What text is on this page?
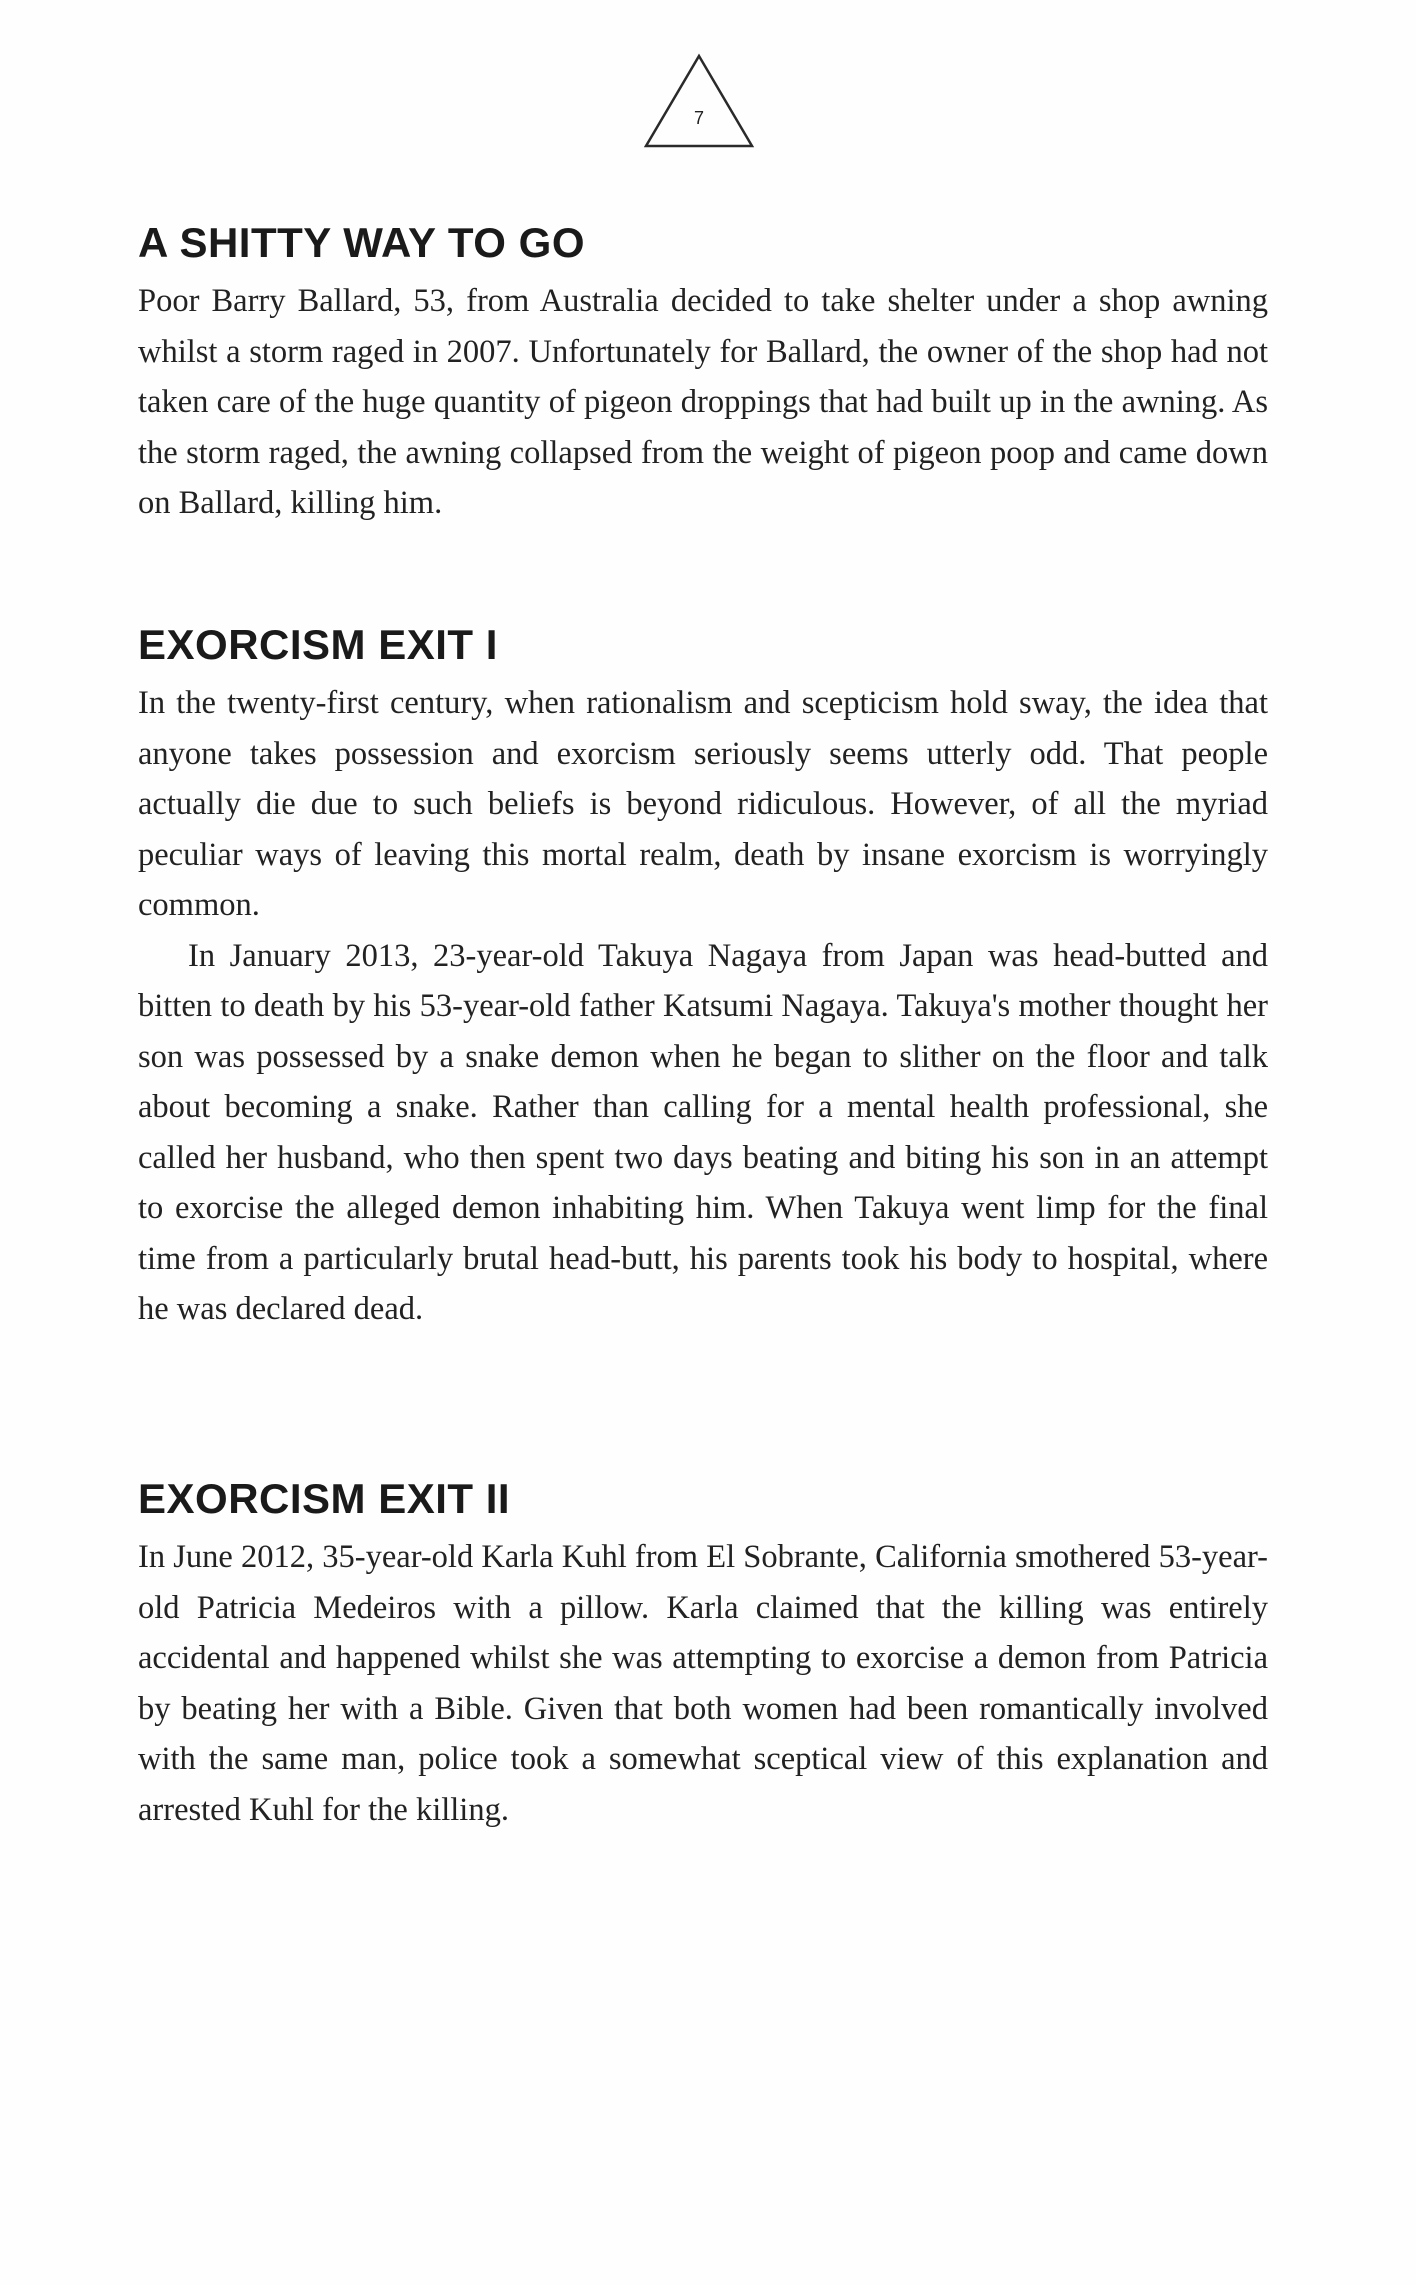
7
A SHITTY WAY TO GO

Poor Barry Ballard, 53, from Australia decided to take shelter under a shop awning whilst a storm raged in 2007. Unfortunately for Ballard, the owner of the shop had not taken care of the huge quantity of pigeon droppings that had built up in the awning. As the storm raged, the awning collapsed from the weight of pigeon poop and came down on Ballard, killing him.

EXORCISM EXIT I

In the twenty-first century, when rationalism and scepticism hold sway, the idea that anyone takes possession and exorcism seriously seems utterly odd. That people actually die due to such beliefs is beyond ridiculous. However, of all the myriad peculiar ways of leaving this mortal realm, death by insane exorcism is worryingly common.

In January 2013, 23-year-old Takuya Nagaya from Japan was head-butted and bitten to death by his 53-year-old father Katsumi Nagaya. Takuya's mother thought her son was possessed by a snake demon when he began to slither on the floor and talk about becoming a snake. Rather than calling for a mental health professional, she called her husband, who then spent two days beating and biting his son in an attempt to exorcise the alleged demon inhabiting him. When Takuya went limp for the final time from a particularly brutal head-butt, his parents took his body to hospital, where he was declared dead.

EXORCISM EXIT II

In June 2012, 35-year-old Karla Kuhl from El Sobrante, California smothered 53-year-old Patricia Medeiros with a pillow. Karla claimed that the killing was entirely accidental and happened whilst she was attempting to exorcise a demon from Patricia by beating her with a Bible. Given that both women had been romantically involved with the same man, police took a somewhat sceptical view of this explanation and arrested Kuhl for the killing.
